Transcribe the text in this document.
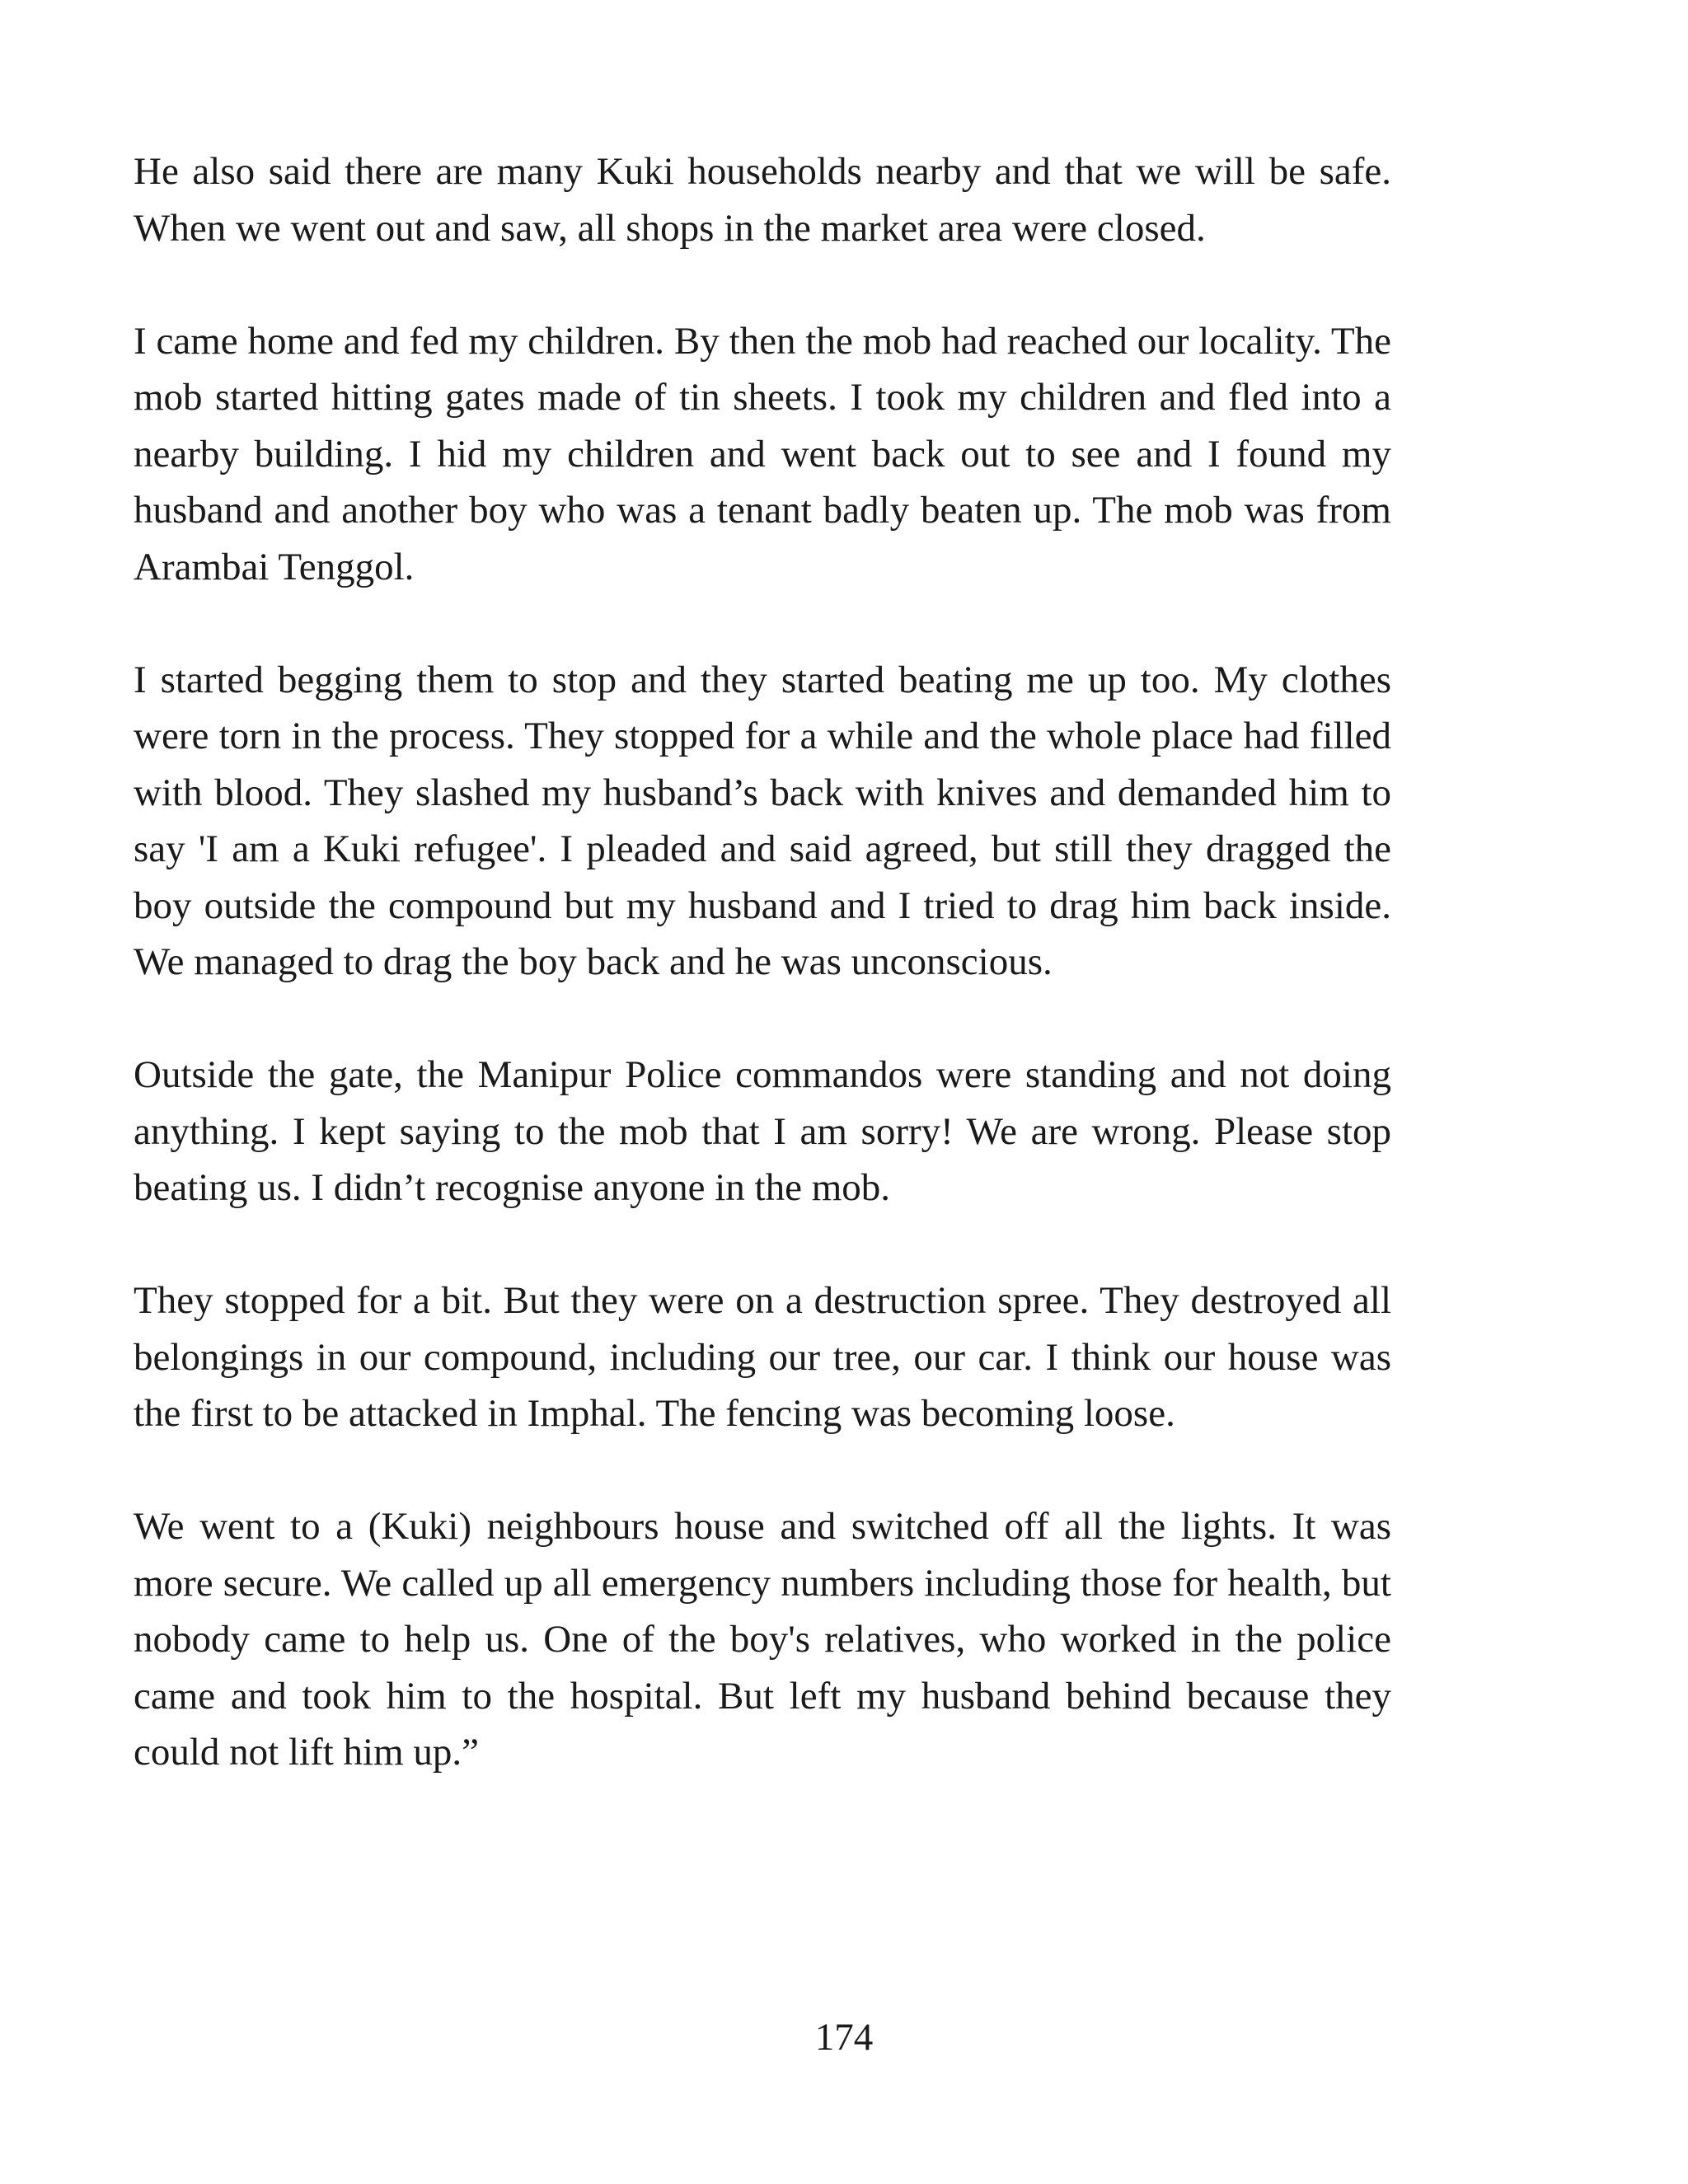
He also said there are many Kuki households nearby and that we will be safe. When we went out and saw, all shops in the market area were closed.

I came home and fed my children. By then the mob had reached our locality. The mob started hitting gates made of tin sheets. I took my children and fled into a nearby building. I hid my children and went back out to see and I found my husband and another boy who was a tenant badly beaten up. The mob was from Arambai Tenggol.

I started begging them to stop and they started beating me up too. My clothes were torn in the process. They stopped for a while and the whole place had filled with blood. They slashed my husband’s back with knives and demanded him to say 'I am a Kuki refugee'. I pleaded and said agreed, but still they dragged the boy outside the compound but my husband and I tried to drag him back inside. We managed to drag the boy back and he was unconscious.

Outside the gate, the Manipur Police commandos were standing and not doing anything. I kept saying to the mob that I am sorry! We are wrong. Please stop beating us. I didn’t recognise anyone in the mob.

They stopped for a bit. But they were on a destruction spree. They destroyed all belongings in our compound, including our tree, our car. I think our house was the first to be attacked in Imphal. The fencing was becoming loose.

We went to a (Kuki) neighbours house and switched off all the lights. It was more secure. We called up all emergency numbers including those for health, but nobody came to help us. One of the boy's relatives, who worked in the police came and took him to the hospital. But left my husband behind because they could not lift him up.”

174
